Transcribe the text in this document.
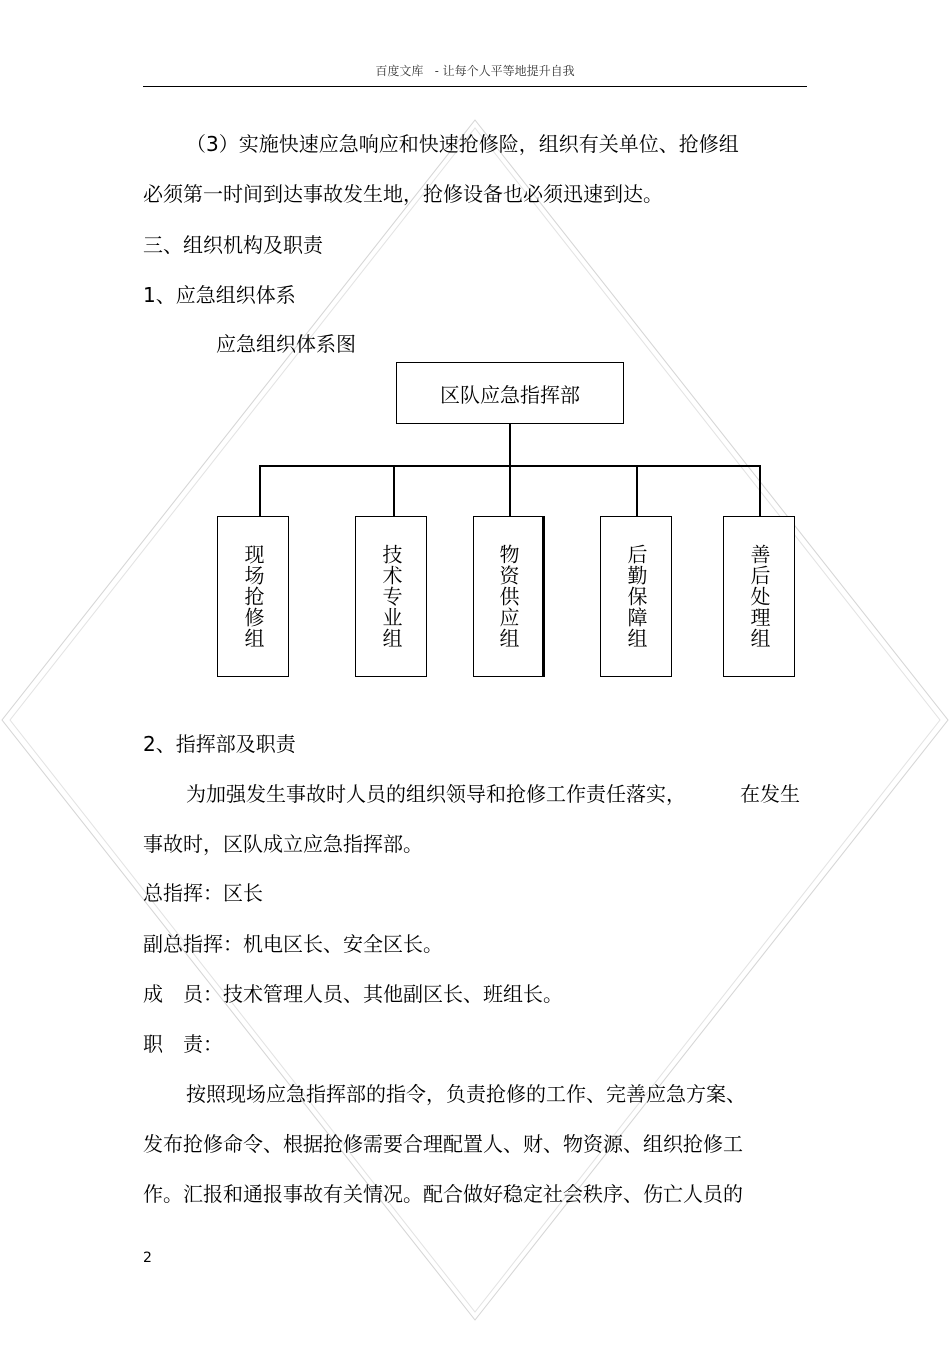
百度文库 - 让每个人平等地提升自我
（3）实施快速应急响应和快速抢修险，组织有关单位、抢修组
必须第一时间到达事故发生地，抢修设备也必须迅速到达。
三、组织机构及职责
1、应急组织体系
应急组织体系图
区队应急指挥部
现场抢修组	技术专业组	物资供应组	后勤保障组	善后处理组
2、指挥部及职责
为加强发生事故时人员的组织领导和抢修工作责任落实，	在发生
事故时，区队成立应急指挥部。
总指挥：区长
副总指挥：机电区长、安全区长。
成　员：技术管理人员、其他副区长、班组长。
职　责：
按照现场应急指挥部的指令，负责抢修的工作、完善应急方案、
发布抢修命令、根据抢修需要合理配置人、财、物资源、组织抢修工
作。汇报和通报事故有关情况。配合做好稳定社会秩序、伤亡人员的
2
